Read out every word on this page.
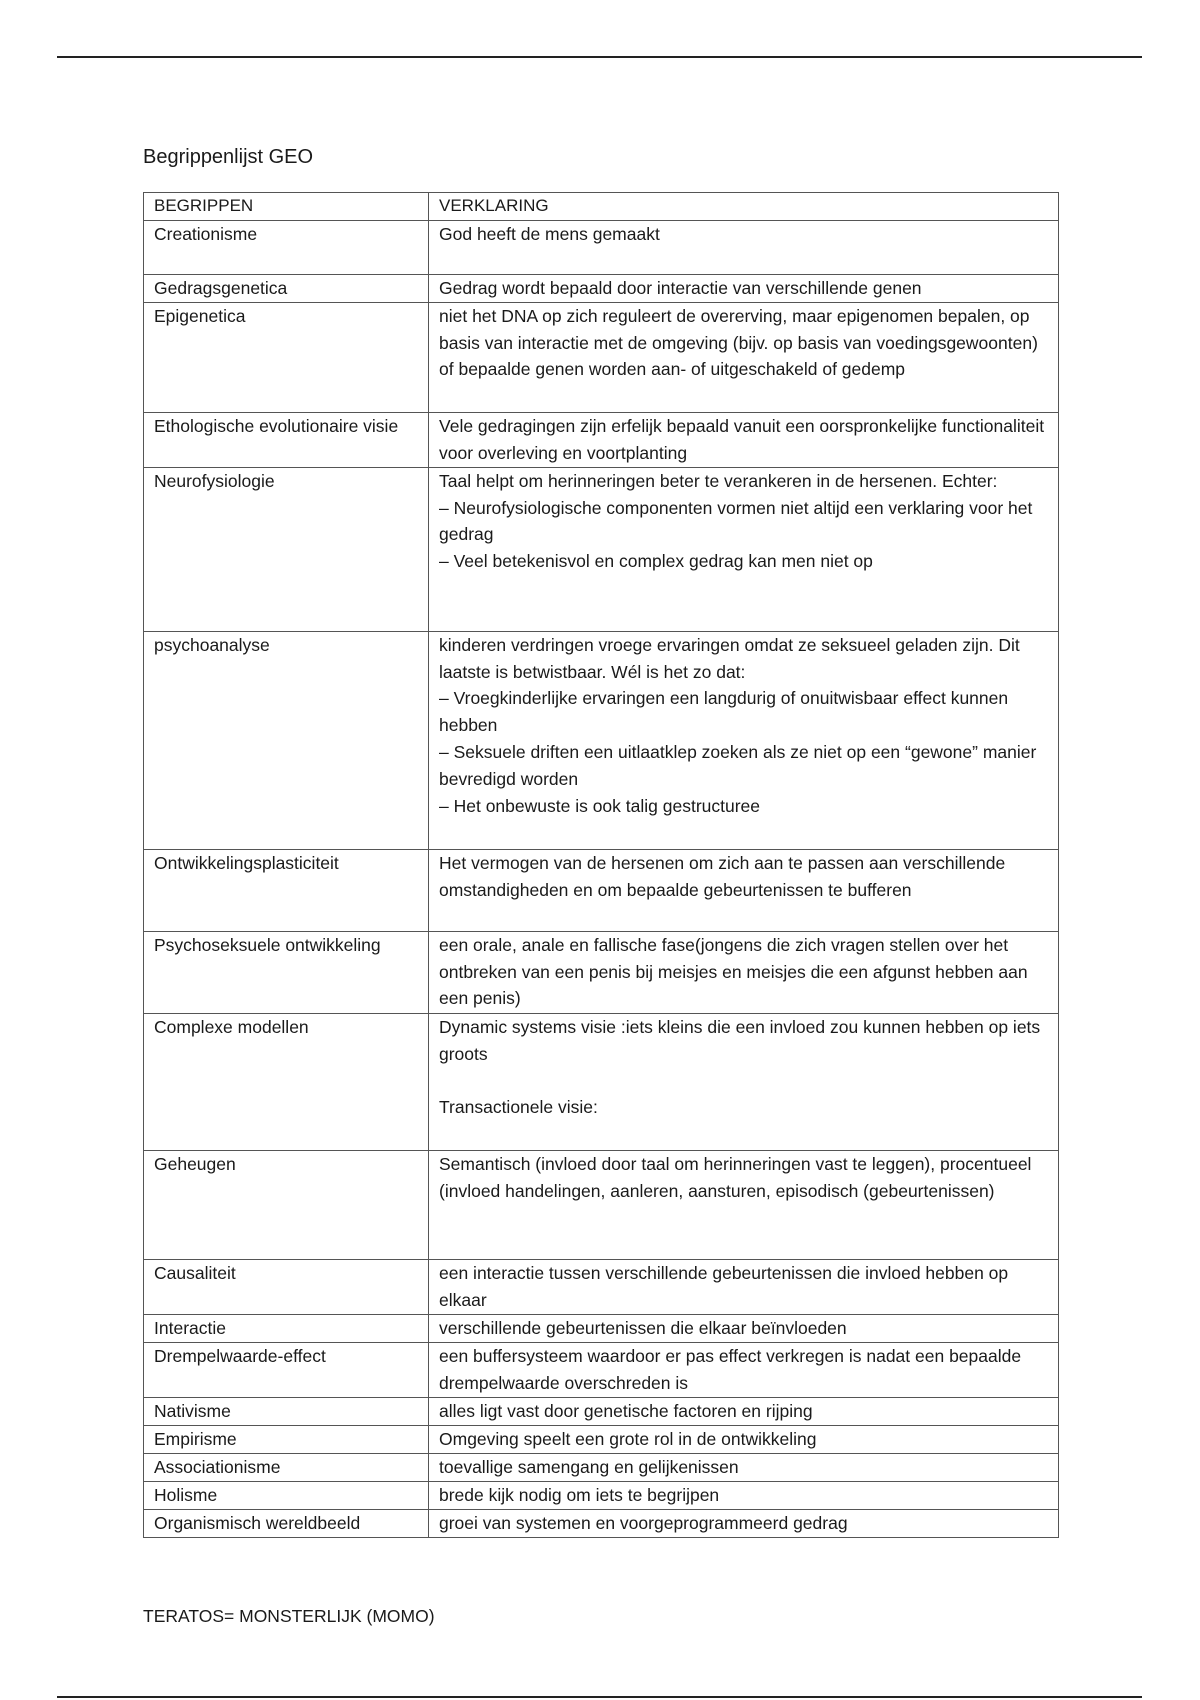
Begrippenlijst GEO
BEGRIPPEN	VERKLARING
Creationisme	God heeft de mens gemaakt
Gedragsgenetica	Gedrag wordt bepaald door interactie van verschillende genen
Epigenetica	niet het DNA op zich reguleert de overerving, maar epigenomen bepalen, op basis van interactie met de omgeving (bijv. op basis van voedingsgewoonten) of bepaalde genen worden aan- of uitgeschakeld of gedemp
Ethologische evolutionaire visie	Vele gedragingen zijn erfelijk bepaald vanuit een oorspronkelijke functionaliteit voor overleving en voortplanting
Neurofysiologie	Taal helpt om herinneringen beter te verankeren in de hersenen. Echter:
– Neurofysiologische componenten vormen niet altijd een verklaring voor het gedrag
– Veel betekenisvol en complex gedrag kan men niet op
psychoanalyse	kinderen verdringen vroege ervaringen omdat ze seksueel geladen zijn. Dit laatste is betwistbaar. Wél is het zo dat:
– Vroegkinderlijke ervaringen een langdurig of onuitwisbaar effect kunnen hebben
– Seksuele driften een uitlaatklep zoeken als ze niet op een “gewone” manier bevredigd worden
– Het onbewuste is ook talig gestructuree
Ontwikkelingsplasticiteit	Het vermogen van de hersenen om zich aan te passen aan verschillende omstandigheden en om bepaalde gebeurtenissen te bufferen
Psychoseksuele ontwikkeling	een orale, anale en fallische fase(jongens die zich vragen stellen over het ontbreken van een penis bij meisjes en meisjes die een afgunst hebben aan een penis)
Complexe modellen	Dynamic systems visie :iets kleins die een invloed zou kunnen hebben op iets groots

Transactionele visie:
Geheugen	Semantisch (invloed door taal om herinneringen vast te leggen), procentueel (invloed handelingen, aanleren, aansturen, episodisch (gebeurtenissen)
Causaliteit	een interactie tussen verschillende gebeurtenissen die invloed hebben op elkaar
Interactie	verschillende gebeurtenissen die elkaar beïnvloeden
Drempelwaarde-effect	een buffersysteem waardoor er pas effect verkregen is nadat een bepaalde drempelwaarde overschreden is
Nativisme	alles ligt vast door genetische factoren en rijping
Empirisme	Omgeving speelt een grote rol in de ontwikkeling
Associationisme	toevallige samengang en gelijkenissen
Holisme	brede kijk nodig om iets te begrijpen
Organismisch wereldbeeld	groei van systemen en voorgeprogrammeerd gedrag

TERATOS= MONSTERLIJK (MOMO)
